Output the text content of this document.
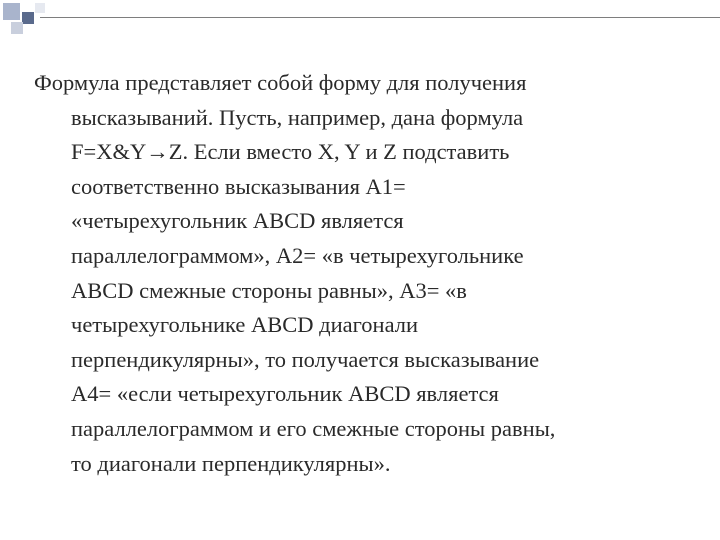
Формула представляет собой форму для получения
высказываний. Пусть, например, дана формула
F=X&Y→Z. Если вместо X, Y и Z подставить
соответственно высказывания A1=
«четырехугольник ABCD является
параллелограммом», A2= «в четырехугольнике
ABCD смежные стороны равны», A3= «в
четырехугольнике ABCD диагонали
перпендикулярны», то получается высказывание
A4= «если четырехугольник ABCD является
параллелограммом и его смежные стороны равны,
то диагонали перпендикулярны».
